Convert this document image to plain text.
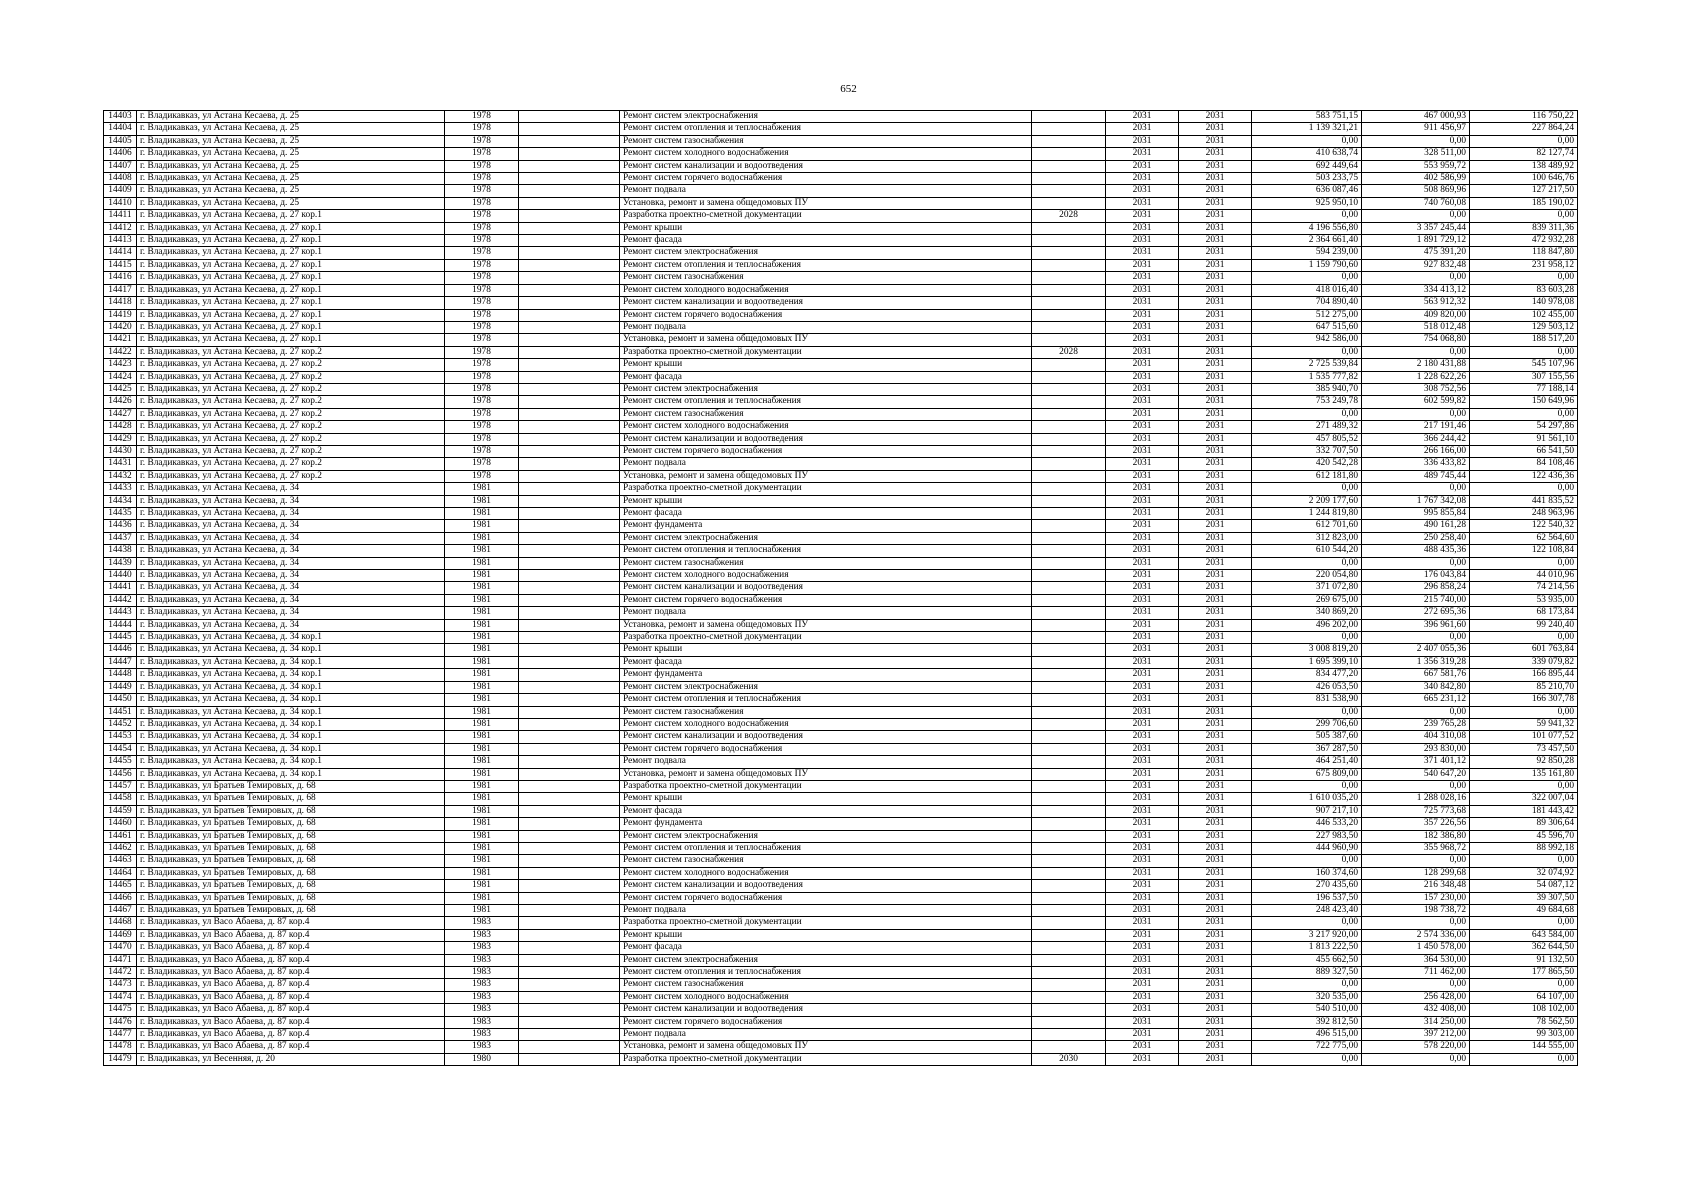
652
14403	г. Владикавказ, ул Астана Кесаева, д. 25	1978		Ремонт систем электроснабжения		2031	2031	583 751,15	467 000,93	116 750,22
14404	г. Владикавказ, ул Астана Кесаева, д. 25	1978		Ремонт систем отопления и теплоснабжения		2031	2031	1 139 321,21	911 456,97	227 864,24
14405	г. Владикавказ, ул Астана Кесаева, д. 25	1978		Ремонт систем газоснабжения		2031	2031	0,00	0,00	0,00
14406	г. Владикавказ, ул Астана Кесаева, д. 25	1978		Ремонт систем холодного водоснабжения		2031	2031	410 638,74	328 511,00	82 127,74
14407	г. Владикавказ, ул Астана Кесаева, д. 25	1978		Ремонт систем канализации и водоотведения		2031	2031	692 449,64	553 959,72	138 489,92
14408	г. Владикавказ, ул Астана Кесаева, д. 25	1978		Ремонт систем горячего водоснабжения		2031	2031	503 233,75	402 586,99	100 646,76
14409	г. Владикавказ, ул Астана Кесаева, д. 25	1978		Ремонт подвала		2031	2031	636 087,46	508 869,96	127 217,50
14410	г. Владикавказ, ул Астана Кесаева, д. 25	1978		Установка, ремонт и замена общедомовых ПУ		2031	2031	925 950,10	740 760,08	185 190,02
14411	г. Владикавказ, ул Астана Кесаева, д. 27 кор.1	1978		Разработка проектно-сметной документации	2028	2031	2031	0,00	0,00	0,00
14412	г. Владикавказ, ул Астана Кесаева, д. 27 кор.1	1978		Ремонт крыши		2031	2031	4 196 556,80	3 357 245,44	839 311,36
14413	г. Владикавказ, ул Астана Кесаева, д. 27 кор.1	1978		Ремонт фасада		2031	2031	2 364 661,40	1 891 729,12	472 932,28
14414	г. Владикавказ, ул Астана Кесаева, д. 27 кор.1	1978		Ремонт систем электроснабжения		2031	2031	594 239,00	475 391,20	118 847,80
14415	г. Владикавказ, ул Астана Кесаева, д. 27 кор.1	1978		Ремонт систем отопления и теплоснабжения		2031	2031	1 159 790,60	927 832,48	231 958,12
14416	г. Владикавказ, ул Астана Кесаева, д. 27 кор.1	1978		Ремонт систем газоснабжения		2031	2031	0,00	0,00	0,00
14417	г. Владикавказ, ул Астана Кесаева, д. 27 кор.1	1978		Ремонт систем холодного водоснабжения		2031	2031	418 016,40	334 413,12	83 603,28
14418	г. Владикавказ, ул Астана Кесаева, д. 27 кор.1	1978		Ремонт систем канализации и водоотведения		2031	2031	704 890,40	563 912,32	140 978,08
14419	г. Владикавказ, ул Астана Кесаева, д. 27 кор.1	1978		Ремонт систем горячего водоснабжения		2031	2031	512 275,00	409 820,00	102 455,00
14420	г. Владикавказ, ул Астана Кесаева, д. 27 кор.1	1978		Ремонт подвала		2031	2031	647 515,60	518 012,48	129 503,12
14421	г. Владикавказ, ул Астана Кесаева, д. 27 кор.1	1978		Установка, ремонт и замена общедомовых ПУ		2031	2031	942 586,00	754 068,80	188 517,20
14422	г. Владикавказ, ул Астана Кесаева, д. 27 кор.2	1978		Разработка проектно-сметной документации	2028	2031	2031	0,00	0,00	0,00
14423	г. Владикавказ, ул Астана Кесаева, д. 27 кор.2	1978		Ремонт крыши		2031	2031	2 725 539,84	2 180 431,88	545 107,96
14424	г. Владикавказ, ул Астана Кесаева, д. 27 кор.2	1978		Ремонт фасада		2031	2031	1 535 777,82	1 228 622,26	307 155,56
14425	г. Владикавказ, ул Астана Кесаева, д. 27 кор.2	1978		Ремонт систем электроснабжения		2031	2031	385 940,70	308 752,56	77 188,14
14426	г. Владикавказ, ул Астана Кесаева, д. 27 кор.2	1978		Ремонт систем отопления и теплоснабжения		2031	2031	753 249,78	602 599,82	150 649,96
14427	г. Владикавказ, ул Астана Кесаева, д. 27 кор.2	1978		Ремонт систем газоснабжения		2031	2031	0,00	0,00	0,00
14428	г. Владикавказ, ул Астана Кесаева, д. 27 кор.2	1978		Ремонт систем холодного водоснабжения		2031	2031	271 489,32	217 191,46	54 297,86
14429	г. Владикавказ, ул Астана Кесаева, д. 27 кор.2	1978		Ремонт систем канализации и водоотведения		2031	2031	457 805,52	366 244,42	91 561,10
14430	г. Владикавказ, ул Астана Кесаева, д. 27 кор.2	1978		Ремонт систем горячего водоснабжения		2031	2031	332 707,50	266 166,00	66 541,50
14431	г. Владикавказ, ул Астана Кесаева, д. 27 кор.2	1978		Ремонт подвала		2031	2031	420 542,28	336 433,82	84 108,46
14432	г. Владикавказ, ул Астана Кесаева, д. 27 кор.2	1978		Установка, ремонт и замена общедомовых ПУ		2031	2031	612 181,80	489 745,44	122 436,36
14433	г. Владикавказ, ул Астана Кесаева, д. 34	1981		Разработка проектно-сметной документации		2031	2031	0,00	0,00	0,00
14434	г. Владикавказ, ул Астана Кесаева, д. 34	1981		Ремонт крыши		2031	2031	2 209 177,60	1 767 342,08	441 835,52
14435	г. Владикавказ, ул Астана Кесаева, д. 34	1981		Ремонт фасада		2031	2031	1 244 819,80	995 855,84	248 963,96
14436	г. Владикавказ, ул Астана Кесаева, д. 34	1981		Ремонт фундамента		2031	2031	612 701,60	490 161,28	122 540,32
14437	г. Владикавказ, ул Астана Кесаева, д. 34	1981		Ремонт систем электроснабжения		2031	2031	312 823,00	250 258,40	62 564,60
14438	г. Владикавказ, ул Астана Кесаева, д. 34	1981		Ремонт систем отопления и теплоснабжения		2031	2031	610 544,20	488 435,36	122 108,84
14439	г. Владикавказ, ул Астана Кесаева, д. 34	1981		Ремонт систем газоснабжения		2031	2031	0,00	0,00	0,00
14440	г. Владикавказ, ул Астана Кесаева, д. 34	1981		Ремонт систем холодного водоснабжения		2031	2031	220 054,80	176 043,84	44 010,96
14441	г. Владикавказ, ул Астана Кесаева, д. 34	1981		Ремонт систем канализации и водоотведения		2031	2031	371 072,80	296 858,24	74 214,56
14442	г. Владикавказ, ул Астана Кесаева, д. 34	1981		Ремонт систем горячего водоснабжения		2031	2031	269 675,00	215 740,00	53 935,00
14443	г. Владикавказ, ул Астана Кесаева, д. 34	1981		Ремонт подвала		2031	2031	340 869,20	272 695,36	68 173,84
14444	г. Владикавказ, ул Астана Кесаева, д. 34	1981		Установка, ремонт и замена общедомовых ПУ		2031	2031	496 202,00	396 961,60	99 240,40
14445	г. Владикавказ, ул Астана Кесаева, д. 34 кор.1	1981		Разработка проектно-сметной документации		2031	2031	0,00	0,00	0,00
14446	г. Владикавказ, ул Астана Кесаева, д. 34 кор.1	1981		Ремонт крыши		2031	2031	3 008 819,20	2 407 055,36	601 763,84
14447	г. Владикавказ, ул Астана Кесаева, д. 34 кор.1	1981		Ремонт фасада		2031	2031	1 695 399,10	1 356 319,28	339 079,82
14448	г. Владикавказ, ул Астана Кесаева, д. 34 кор.1	1981		Ремонт фундамента		2031	2031	834 477,20	667 581,76	166 895,44
14449	г. Владикавказ, ул Астана Кесаева, д. 34 кор.1	1981		Ремонт систем электроснабжения		2031	2031	426 053,50	340 842,80	85 210,70
14450	г. Владикавказ, ул Астана Кесаева, д. 34 кор.1	1981		Ремонт систем отопления и теплоснабжения		2031	2031	831 538,90	665 231,12	166 307,78
14451	г. Владикавказ, ул Астана Кесаева, д. 34 кор.1	1981		Ремонт систем газоснабжения		2031	2031	0,00	0,00	0,00
14452	г. Владикавказ, ул Астана Кесаева, д. 34 кор.1	1981		Ремонт систем холодного водоснабжения		2031	2031	299 706,60	239 765,28	59 941,32
14453	г. Владикавказ, ул Астана Кесаева, д. 34 кор.1	1981		Ремонт систем канализации и водоотведения		2031	2031	505 387,60	404 310,08	101 077,52
14454	г. Владикавказ, ул Астана Кесаева, д. 34 кор.1	1981		Ремонт систем горячего водоснабжения		2031	2031	367 287,50	293 830,00	73 457,50
14455	г. Владикавказ, ул Астана Кесаева, д. 34 кор.1	1981		Ремонт подвала		2031	2031	464 251,40	371 401,12	92 850,28
14456	г. Владикавказ, ул Астана Кесаева, д. 34 кор.1	1981		Установка, ремонт и замена общедомовых ПУ		2031	2031	675 809,00	540 647,20	135 161,80
14457	г. Владикавказ, ул Братьев Темировых, д. 68	1981		Разработка проектно-сметной документации		2031	2031	0,00	0,00	0,00
14458	г. Владикавказ, ул Братьев Темировых, д. 68	1981		Ремонт крыши		2031	2031	1 610 035,20	1 288 028,16	322 007,04
14459	г. Владикавказ, ул Братьев Темировых, д. 68	1981		Ремонт фасада		2031	2031	907 217,10	725 773,68	181 443,42
14460	г. Владикавказ, ул Братьев Темировых, д. 68	1981		Ремонт фундамента		2031	2031	446 533,20	357 226,56	89 306,64
14461	г. Владикавказ, ул Братьев Темировых, д. 68	1981		Ремонт систем электроснабжения		2031	2031	227 983,50	182 386,80	45 596,70
14462	г. Владикавказ, ул Братьев Темировых, д. 68	1981		Ремонт систем отопления и теплоснабжения		2031	2031	444 960,90	355 968,72	88 992,18
14463	г. Владикавказ, ул Братьев Темировых, д. 68	1981		Ремонт систем газоснабжения		2031	2031	0,00	0,00	0,00
14464	г. Владикавказ, ул Братьев Темировых, д. 68	1981		Ремонт систем холодного водоснабжения		2031	2031	160 374,60	128 299,68	32 074,92
14465	г. Владикавказ, ул Братьев Темировых, д. 68	1981		Ремонт систем канализации и водоотведения		2031	2031	270 435,60	216 348,48	54 087,12
14466	г. Владикавказ, ул Братьев Темировых, д. 68	1981		Ремонт систем горячего водоснабжения		2031	2031	196 537,50	157 230,00	39 307,50
14467	г. Владикавказ, ул Братьев Темировых, д. 68	1981		Ремонт подвала		2031	2031	248 423,40	198 738,72	49 684,68
14468	г. Владикавказ, ул Васо Абаева, д. 87 кор.4	1983		Разработка проектно-сметной документации		2031	2031	0,00	0,00	0,00
14469	г. Владикавказ, ул Васо Абаева, д. 87 кор.4	1983		Ремонт крыши		2031	2031	3 217 920,00	2 574 336,00	643 584,00
14470	г. Владикавказ, ул Васо Абаева, д. 87 кор.4	1983		Ремонт фасада		2031	2031	1 813 222,50	1 450 578,00	362 644,50
14471	г. Владикавказ, ул Васо Абаева, д. 87 кор.4	1983		Ремонт систем электроснабжения		2031	2031	455 662,50	364 530,00	91 132,50
14472	г. Владикавказ, ул Васо Абаева, д. 87 кор.4	1983		Ремонт систем отопления и теплоснабжения		2031	2031	889 327,50	711 462,00	177 865,50
14473	г. Владикавказ, ул Васо Абаева, д. 87 кор.4	1983		Ремонт систем газоснабжения		2031	2031	0,00	0,00	0,00
14474	г. Владикавказ, ул Васо Абаева, д. 87 кор.4	1983		Ремонт систем холодного водоснабжения		2031	2031	320 535,00	256 428,00	64 107,00
14475	г. Владикавказ, ул Васо Абаева, д. 87 кор.4	1983		Ремонт систем канализации и водоотведения		2031	2031	540 510,00	432 408,00	108 102,00
14476	г. Владикавказ, ул Васо Абаева, д. 87 кор.4	1983		Ремонт систем горячего водоснабжения		2031	2031	392 812,50	314 250,00	78 562,50
14477	г. Владикавказ, ул Васо Абаева, д. 87 кор.4	1983		Ремонт подвала		2031	2031	496 515,00	397 212,00	99 303,00
14478	г. Владикавказ, ул Васо Абаева, д. 87 кор.4	1983		Установка, ремонт и замена общедомовых ПУ		2031	2031	722 775,00	578 220,00	144 555,00
14479	г. Владикавказ, ул Весенняя, д. 20	1980		Разработка проектно-сметной документации	2030	2031	2031	0,00	0,00	0,00
